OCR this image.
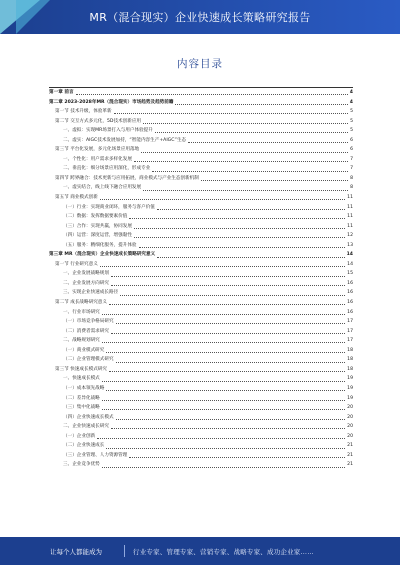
MR（混合现实）企业快速成长策略研究报告
内容目录
第一章 前言	4
第二章 2023-2028年MR（混合现实）市场趋势及趋势前瞻	4
第一节 技术升级，体验革新	5
第二节 交互方式多元化，5D技术创新应用	5
一、虚拟：实现MR场景打入与用户体验提升	5
二、虚实：AIGC技术发展加持，“智能内容生产+AIGC”生态	6
第三节 平台化发展，多元化场景应用落地	6
一、个性化：用户需求多样化发展	7
二、垂直化：细分场景应用深化，形成专业	7
第四节 跨界融合：技术更新与应用拓展，商业模式与产业生态创新机制	8
一、虚实结合，线上线下融合应用发展	8
第五节 商业模式创新	11
（一）行业：实现商业闭环，服务与客户价值	11
（二）数据：发挥数据要素价值	11
（三）合作：实现共赢，协同发展	11
（四）运营：深度运营，增强黏性	12
（五）服务：精细化服务，提升体验	13
第三章 MR（混合现实）企业快速成长策略研究意义	14
第一节 行业研究意义	14
一、企业发展战略规划	15
二、企业发展方向研究	16
三、实现企业快速成长路径	16
第二节 成长战略研究意义	16
一、行业市场研究	16
（一）市场竞争格局研究	17
（二）消费者需求研究	17
二、战略规划研究	17
（一）商业模式研究	18
（二）企业管理模式研究	18
第三节 快速成长模式研究	18
一、快速成长模式	19
（一）成本领先战略	19
（二）差异化战略	19
（三）集中化战略	20
（四）企业快速成长模式	20
二、企业快速成长研究	20
（一）企业创新	20
（二）企业快速成长	21
（三）企业管理、人力资源管理	21
三、企业竞争优势	21
让每个人都能成为	行业专家、管理专家、营销专家、战略专家、成功企业家……
